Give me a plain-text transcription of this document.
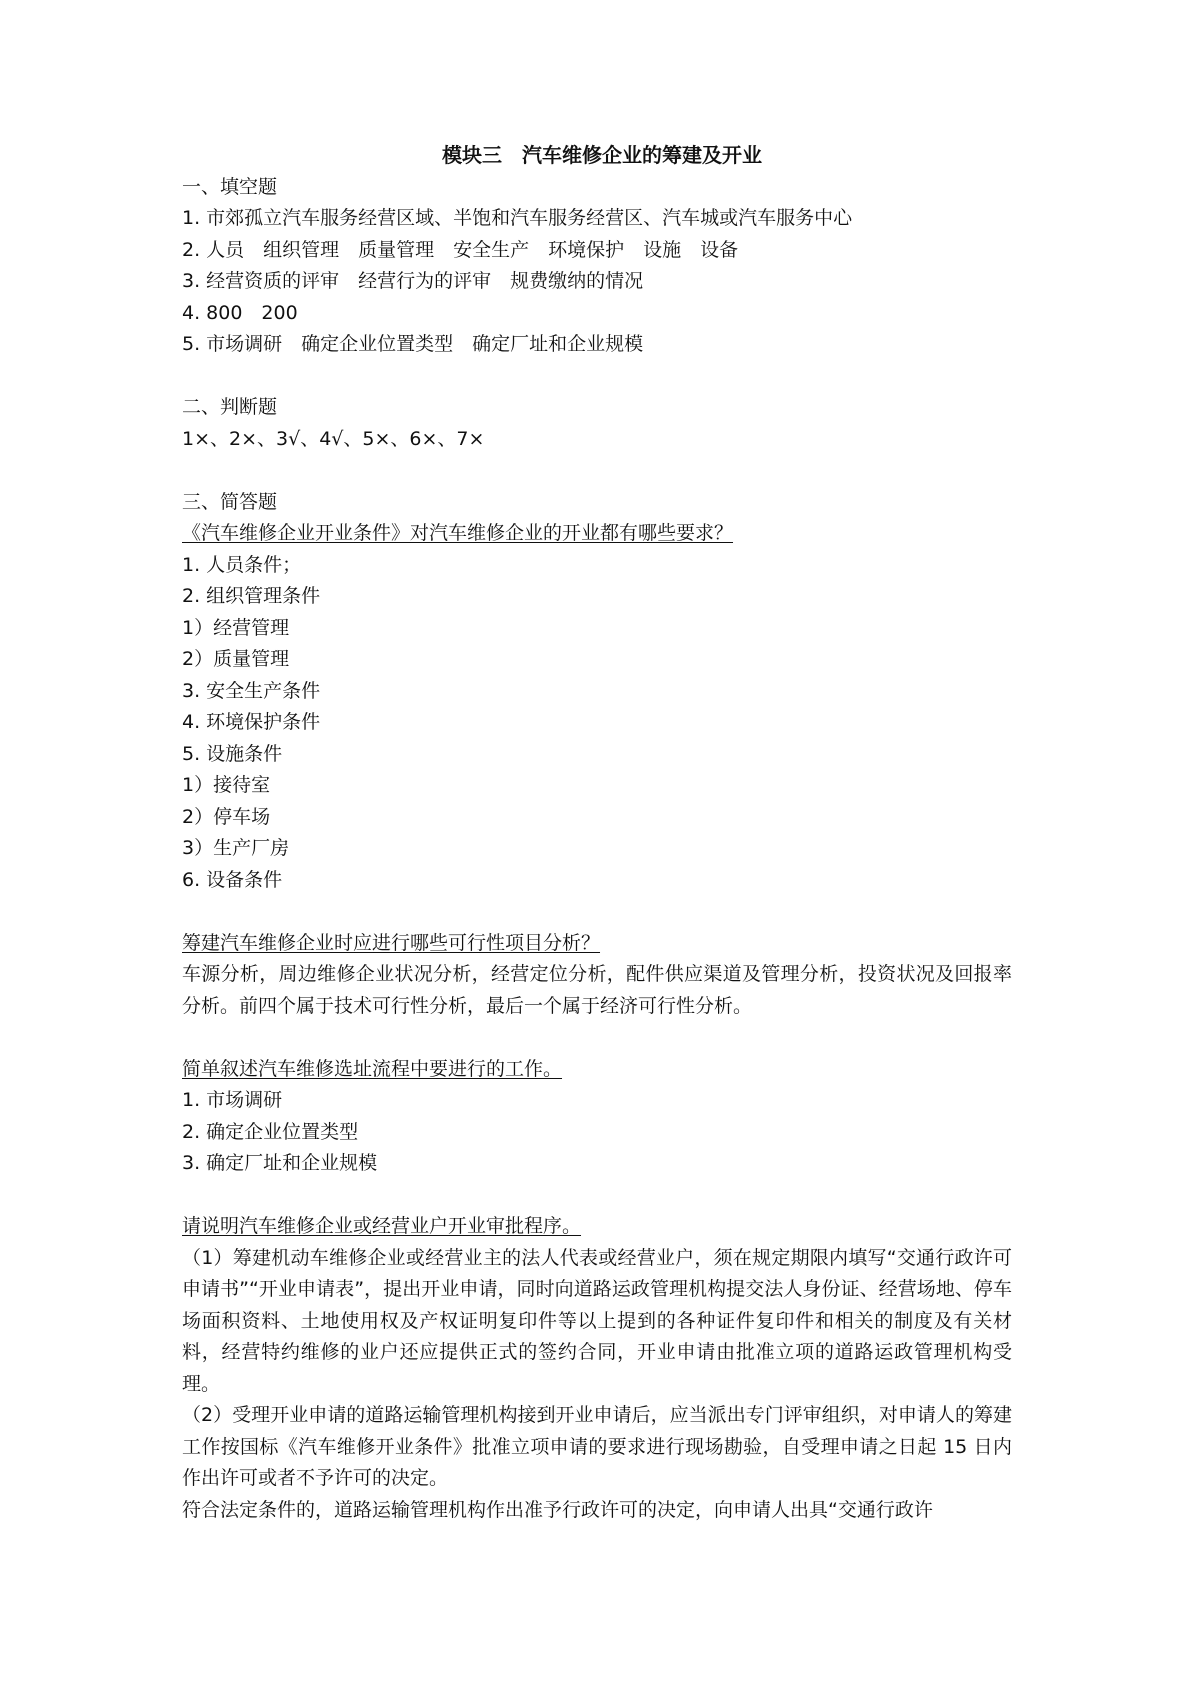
模块三　汽车维修企业的筹建及开业

一、填空题

1. 市郊孤立汽车服务经营区域、半饱和汽车服务经营区、汽车城或汽车服务中心

2. 人员　组织管理　质量管理　安全生产　环境保护　设施　设备

3. 经营资质的评审　经营行为的评审　规费缴纳的情况

4. 800　200

5. 市场调研　确定企业位置类型　确定厂址和企业规模

二、判断题

1×、2×、3√、4√、5×、6×、7×

三、简答题

《汽车维修企业开业条件》对汽车维修企业的开业都有哪些要求？

1. 人员条件；

2. 组织管理条件

1）经营管理

2）质量管理

3. 安全生产条件

4. 环境保护条件

5. 设施条件

1）接待室

2）停车场

3）生产厂房

6. 设备条件

筹建汽车维修企业时应进行哪些可行性项目分析？

车源分析，周边维修企业状况分析，经营定位分析，配件供应渠道及管理分析，投资状况及回报率分析。前四个属于技术可行性分析，最后一个属于经济可行性分析。

简单叙述汽车维修选址流程中要进行的工作。

1. 市场调研

2. 确定企业位置类型

3. 确定厂址和企业规模

请说明汽车维修企业或经营业户开业审批程序。

（1）筹建机动车维修企业或经营业主的法人代表或经营业户，须在规定期限内填写“交通行政许可申请书”“开业申请表”，提出开业申请，同时向道路运政管理机构提交法人身份证、经营场地、停车场面积资料、土地使用权及产权证明复印件等以上提到的各种证件复印件和相关的制度及有关材料，经营特约维修的业户还应提供正式的签约合同，开业申请由批准立项的道路运政管理机构受理。

（2）受理开业申请的道路运输管理机构接到开业申请后，应当派出专门评审组织，对申请人的筹建工作按国标《汽车维修开业条件》批准立项申请的要求进行现场勘验，自受理申请之日起 15 日内作出许可或者不予许可的决定。

符合法定条件的，道路运输管理机构作出准予行政许可的决定，向申请人出具“交通行政许
